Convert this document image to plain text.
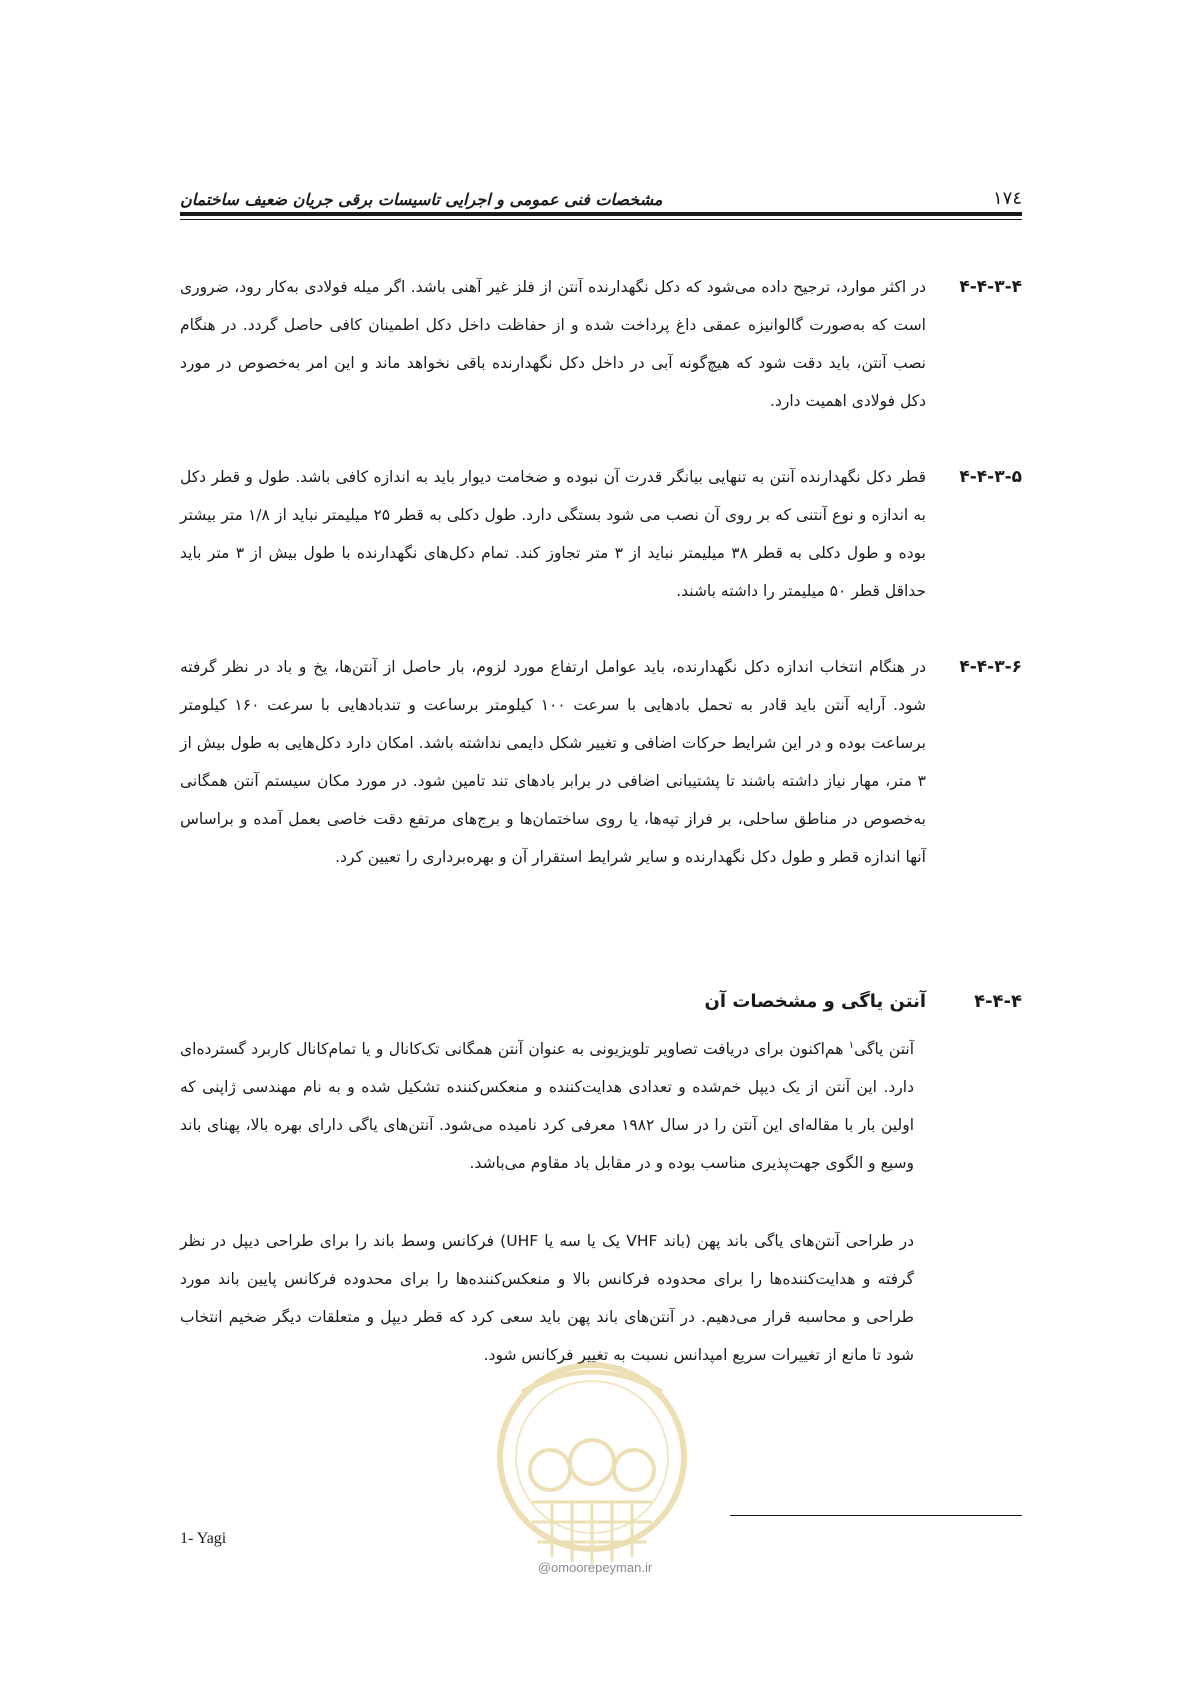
۱۷٤
مشخصات فنی عمومی و اجرایی تاسیسات برقی جریان ضعیف ساختمان
۴-۴-۳-۴
در اکثر موارد، ترجیح داده می‌شود که دکل نگهدارنده آنتن از فلز غیر آهنی باشد. اگر میله فولادی به‌کار رود، ضروری است که به‌صورت گالوانیزه عمقی داغ پرداخت شده و از حفاظت داخل دکل اطمینان کافی حاصل گردد. در هنگام نصب آنتن، باید دقت شود که هیچ‌گونه آبی در داخل دکل نگهدارنده باقی نخواهد ماند و این امر به‌خصوص در مورد دکل فولادی اهمیت دارد.
۴-۴-۳-۵
قطر دکل نگهدارنده آنتن به تنهایی بیانگر قدرت آن نبوده و ضخامت دیوار باید به اندازه کافی باشد. طول و قطر دکل به اندازه و نوع آنتنی که بر روی آن نصب می شود بستگی دارد. طول دکلی به قطر ۲۵ میلیمتر نباید از ۱/۸ متر بیشتر بوده و طول دکلی به قطر ۳۸ میلیمتر نباید از ۳ متر تجاوز کند. تمام دکل‌های نگهدارنده با طول بیش از ۳ متر باید حداقل قطر ۵۰ میلیمتر را داشته باشند.
۴-۴-۳-۶
در هنگام انتخاب اندازه دکل نگهدارنده، باید عوامل ارتفاع مورد لزوم، بار حاصل از آنتن‌ها، یخ و باد در نظر گرفته شود. آرایه آنتن باید قادر به تحمل بادهایی با سرعت ۱۰۰ کیلومتر برساعت و تندبادهایی با سرعت ۱۶۰ کیلومتر برساعت بوده و در این شرایط حرکات اضافی و تغییر شکل دایمی نداشته باشد. امکان دارد دکل‌هایی به طول بیش از ۳ متر، مهار نیاز داشته باشند تا پشتیبانی اضافی در برابر بادهای تند تامین شود. در مورد مکان سیستم آنتن همگانی به‌خصوص در مناطق ساحلی، بر فراز تپه‌ها، یا روی ساختمان‌ها و برج‌های مرتفع دقت خاصی بعمل آمده و براساس آنها اندازه قطر و طول دکل نگهدارنده و سایر شرایط استقرار آن و بهره‌برداری را تعیین کرد.
۴-۴-۴
آنتن یاگی و مشخصات آن
آنتن یاگی$^۱$ هم‌اکنون برای دریافت تصاویر تلویزیونی به عنوان آنتن همگانی تک‌کانال و یا تمام‌کانال کاربرد گسترده‌ای دارد. این آنتن از یک دیپل خم‌شده و تعدادی هدایت‌کننده و منعکس‌کننده تشکیل شده و به نام مهندسی ژاپنی که اولین بار با مقاله‌ای این آنتن را در سال ۱۹۸۲ معرفی کرد نامیده می‌شود. آنتن‌های یاگی دارای بهره بالا، پهنای باند وسیع و الگوی جهت‌پذیری مناسب بوده و در مقابل باد مقاوم می‌باشد.
در طراحی آنتن‌های یاگی باند پهن (باند VHF یک یا سه یا UHF) فرکانس وسط باند را برای طراحی دیپل در نظر گرفته و هدایت‌کننده‌ها را برای محدوده فرکانس بالا و منعکس‌کننده‌ها را برای محدوده فرکانس پایین باند مورد طراحی و محاسبه قرار می‌دهیم. در آنتن‌های باند پهن باید سعی کرد که قطر دیپل و متعلقات دیگر ضخیم انتخاب شود تا مانع از تغییرات سریع امپدانس نسبت به تغییر فرکانس شود.
@omoorepeyman.ir
1- Yagi
